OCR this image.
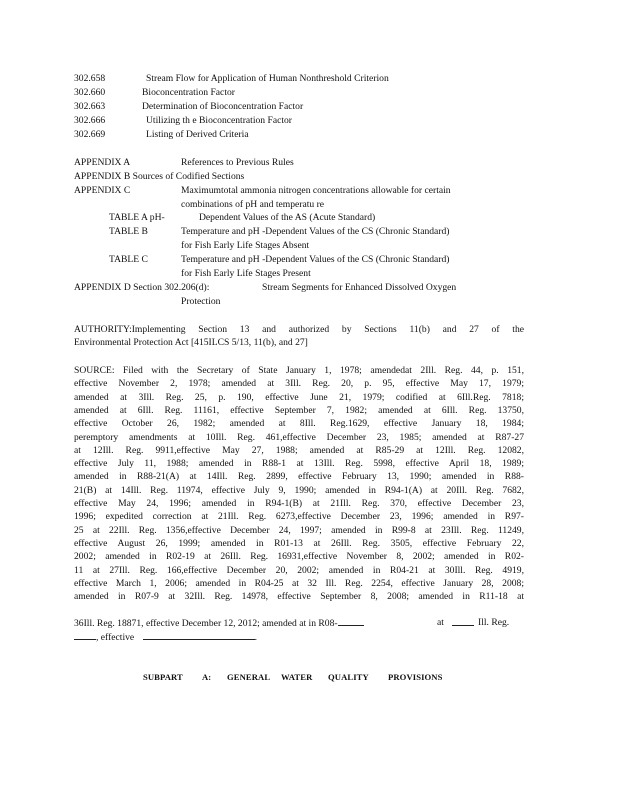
302.658	Stream Flow for Application of Human Nonthreshold Criterion
302.660	Bioconcentration Factor
302.663	Determination of Bioconcentration Factor
302.666	Utilizing th e Bioconcentration Factor
302.669	Listing of Derived Criteria
APPENDIX A	References to Previous Rules
APPENDIX B Sources of Codified Sections
APPENDIX C	Maximumtotal ammonia nitrogen concentrations allowable for certain
combinations of pH and temperatu re
TABLE A pH-	Dependent Values of the AS (Acute Standard)
TABLE B	Temperature and pH -Dependent Values of the CS (Chronic Standard)
for Fish Early Life Stages Absent
TABLE C	Temperature and pH -Dependent Values of the CS (Chronic Standard)
for Fish Early Life Stages Present
APPENDIX D Section 302.206(d):	Stream Segments for Enhanced Dissolved Oxygen
Protection
AUTHORITY:Implementing Section 13 and authorized by Sections 11(b) and 27 of the
Environmental Protection Act [415ILCS 5/13, 11(b), and 27]
SOURCE: Filed with the Secretary of State January 1, 1978; amendedat 2Ill. Reg. 44, p. 151,
effective November 2, 1978; amended at 3Ill. Reg. 20, p. 95, effective May 17, 1979;
amended at 3Ill. Reg. 25, p. 190, effective June 21, 1979; codified at 6Ill.Reg. 7818;
amended at 6Ill. Reg. 11161, effective September 7, 1982; amended at 6Ill. Reg. 13750,
effective October 26, 1982; amended at 8Ill. Reg.1629, effective January 18, 1984;
peremptory amendments at 10Ill. Reg. 461,effective December 23, 1985; amended at R87-27
at 12Ill. Reg. 9911,effective May 27, 1988; amended at R85-29 at 12Ill. Reg. 12082,
effective July 11, 1988; amended in R88-1 at 13Ill. Reg. 5998, effective April 18, 1989;
amended in R88-21(A) at 14Ill. Reg. 2899, effective February 13, 1990; amended in R88-
21(B) at 14Ill. Reg. 11974, effective July 9, 1990; amended in R94-1(A) at 20Ill. Reg. 7682,
effective May 24, 1996; amended in R94-1(B) at 21Ill. Reg. 370, effective December 23,
1996; expedited correction at 21Ill. Reg. 6273,effective December 23, 1996; amended in R97-
25 at 22Ill. Reg. 1356,effective December 24, 1997; amended in R99-8 at 23Ill. Reg. 11249,
effective August 26, 1999; amended in R01-13 at 26Ill. Reg. 3505, effective February 22,
2002; amended in R02-19 at 26Ill. Reg. 16931,effective November 8, 2002; amended in R02-
11 at 27Ill. Reg. 166,effective December 20, 2002; amended in R04-21 at 30Ill. Reg. 4919,
effective March 1, 2006; amended in R04-25 at 32 Ill. Reg. 2254, effective January 28, 2008;
amended in R07-9 at 32Ill. Reg. 14978, effective September 8, 2008; amended in R11-18 at
36Ill. Reg. 18871, effective December 12, 2012; amended at in R08-	at	Ill. Reg.
, effective	.
SUBPART A: GENERAL WATER QUALITY PROVISIONS
